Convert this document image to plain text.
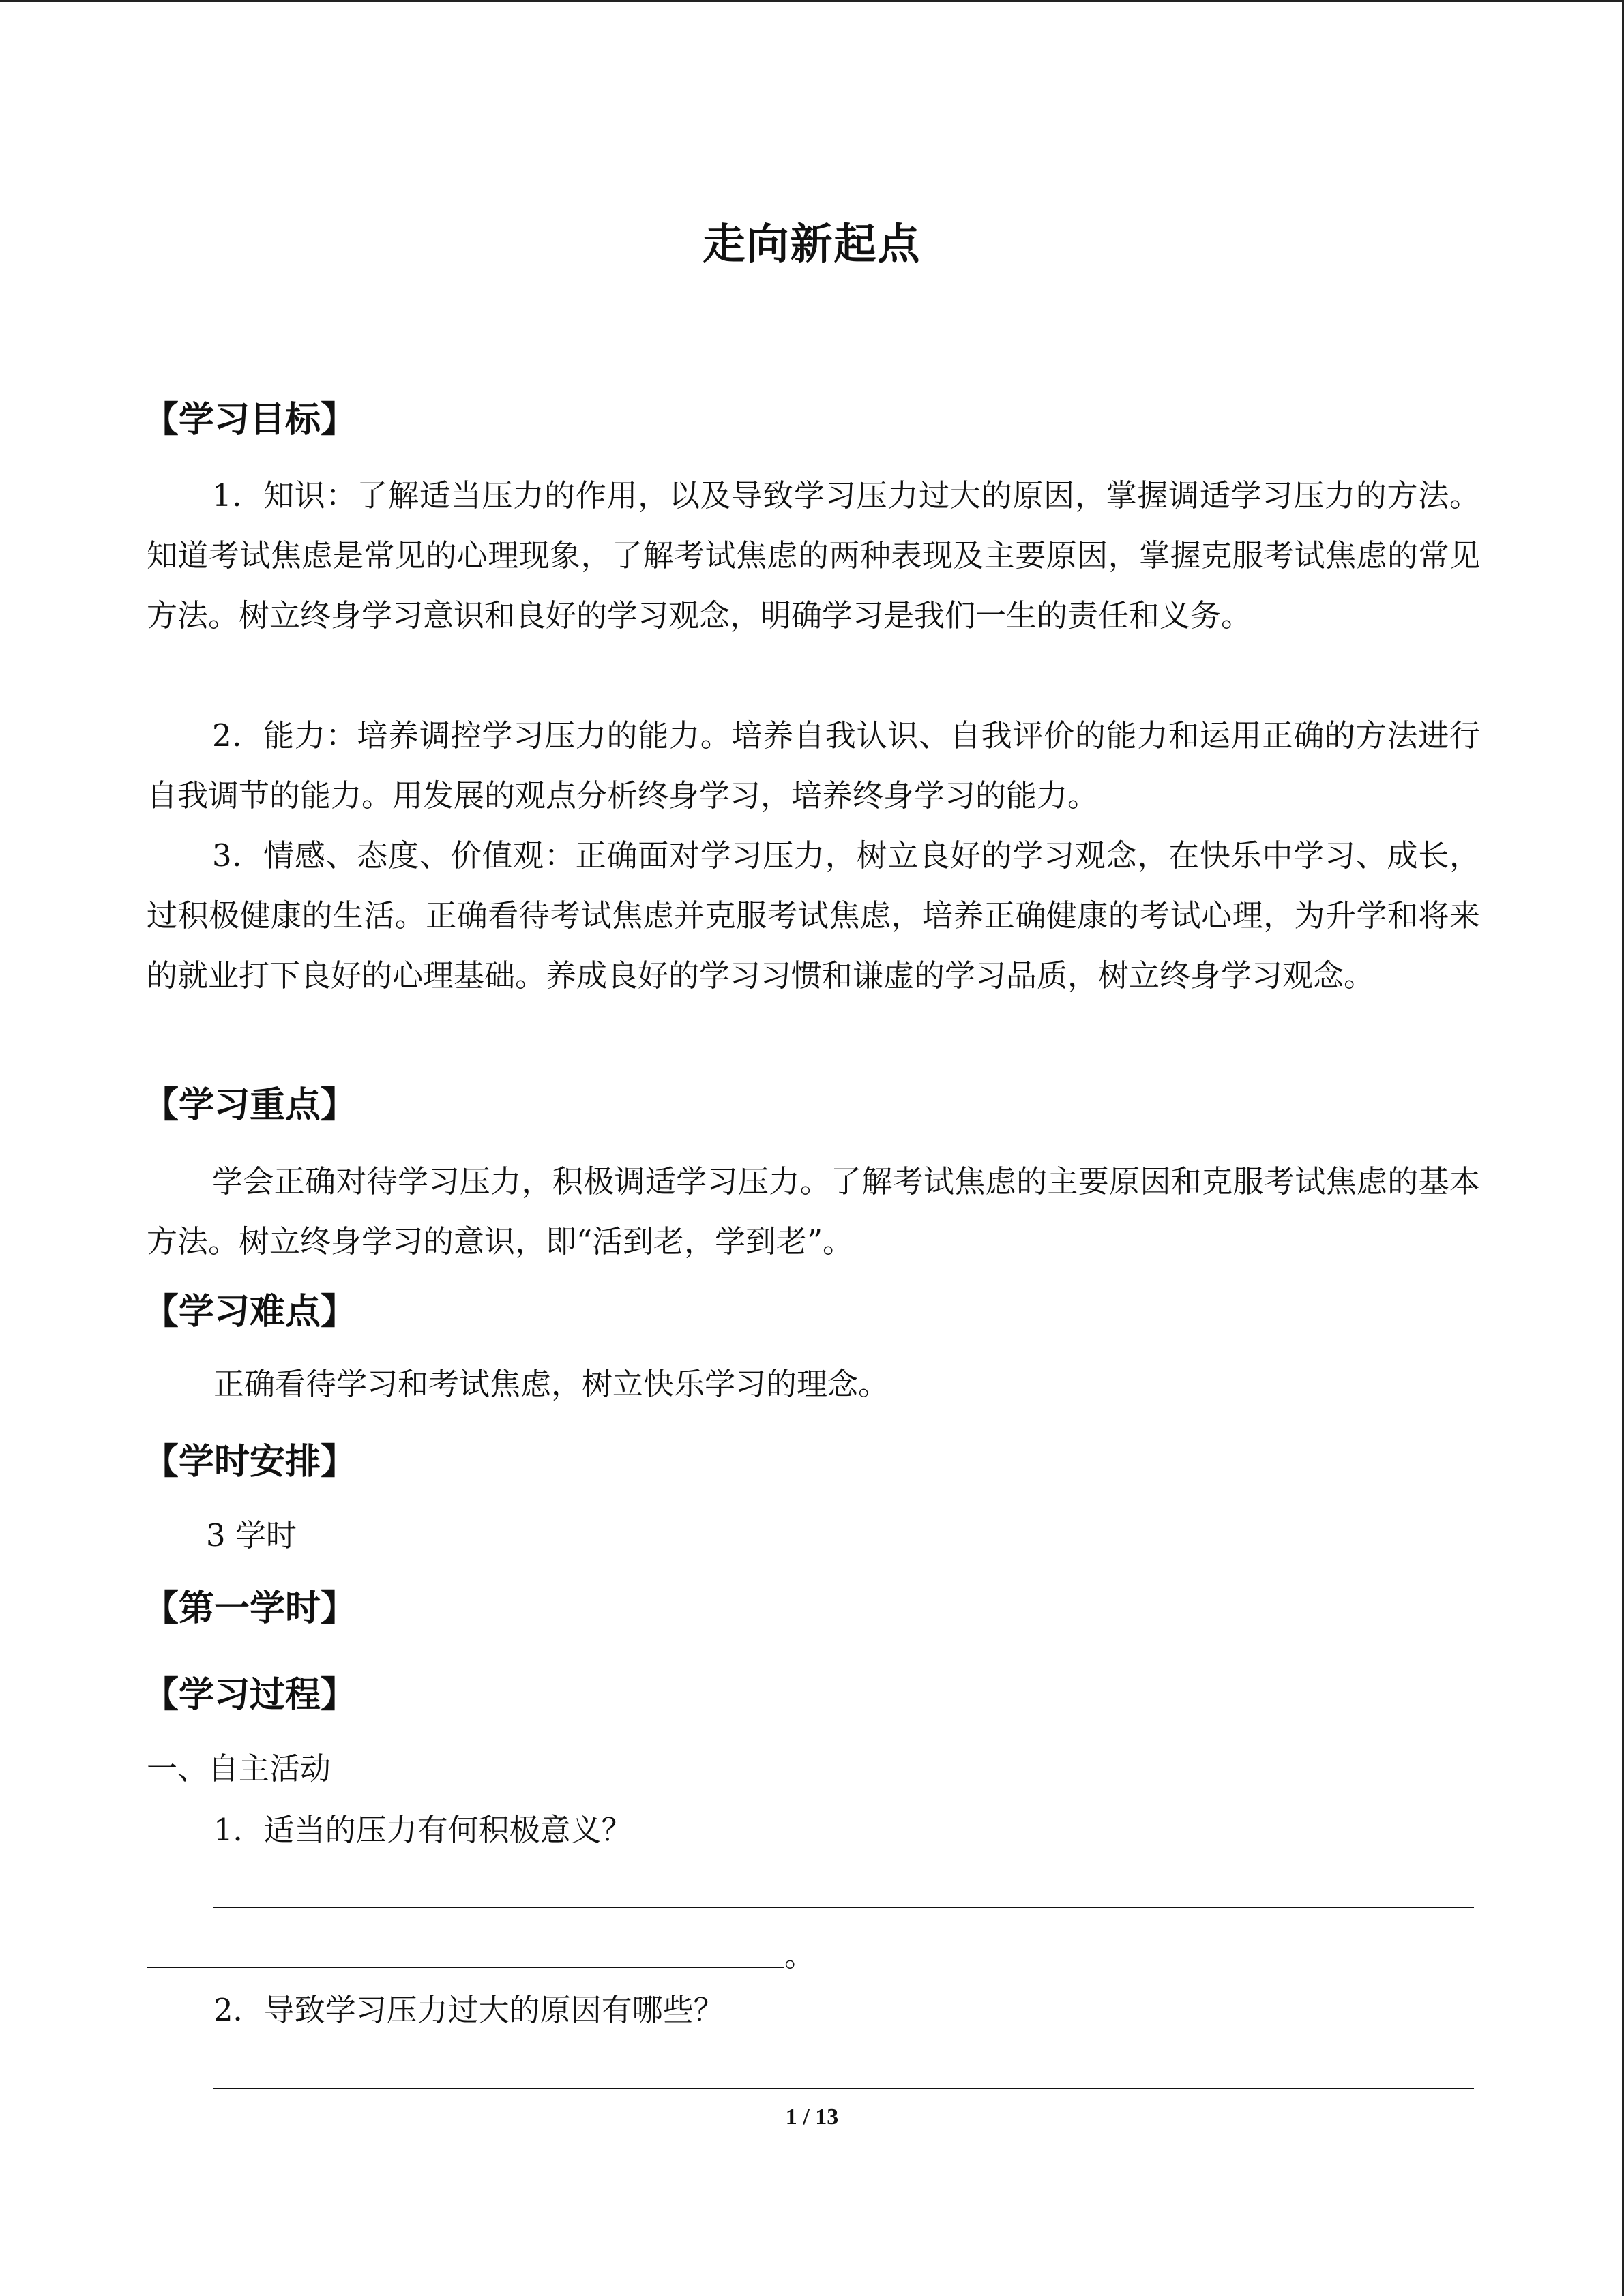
走向新起点
【学习目标】

1．知识：了解适当压力的作用，以及导致学习压力过大的原因，掌握调适学习压力的方法。知道考试焦虑是常见的心理现象，了解考试焦虑的两种表现及主要原因，掌握克服考试焦虑的常见方法。树立终身学习意识和良好的学习观念，明确学习是我们一生的责任和义务。

2．能力：培养调控学习压力的能力。培养自我认识、自我评价的能力和运用正确的方法进行自我调节的能力。用发展的观点分析终身学习，培养终身学习的能力。

3．情感、态度、价值观：正确面对学习压力，树立良好的学习观念，在快乐中学习、成长，过积极健康的生活。正确看待考试焦虑并克服考试焦虑，培养正确健康的考试心理，为升学和将来的就业打下良好的心理基础。养成良好的学习习惯和谦虚的学习品质，树立终身学习观念。

【学习重点】

学会正确对待学习压力，积极调适学习压力。了解考试焦虑的主要原因和克服考试焦虑的基本方法。树立终身学习的意识，即“活到老，学到老”。

【学习难点】
正确看待学习和考试焦虑，树立快乐学习的理念。
【学时安排】
3 学时
【第一学时】
【学习过程】
一、自主活动
1．适当的压力有何积极意义？
。
2．导致学习压力过大的原因有哪些？
1 / 13
